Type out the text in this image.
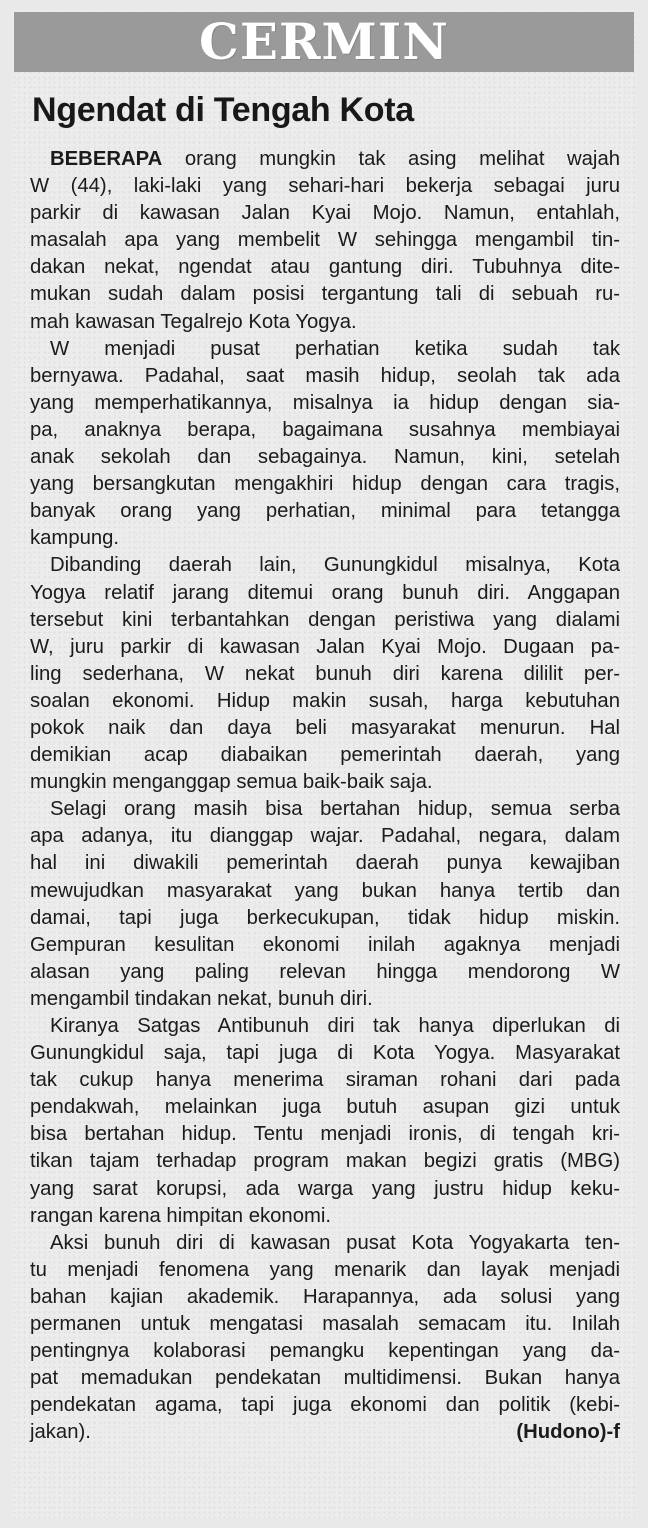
CERMIN
Ngendat di Tengah Kota
BEBERAPA orang mungkin tak asing melihat wajah
W (44), laki-laki yang sehari-hari bekerja sebagai juru
parkir di kawasan Jalan Kyai Mojo. Namun, entahlah,
masalah apa yang membelit W sehingga mengambil tin-
dakan nekat, ngendat atau gantung diri. Tubuhnya dite-
mukan sudah dalam posisi tergantung tali di sebuah ru-
mah kawasan Tegalrejo Kota Yogya.
W menjadi pusat perhatian ketika sudah tak
bernyawa. Padahal, saat masih hidup, seolah tak ada
yang memperhatikannya, misalnya ia hidup dengan sia-
pa, anaknya berapa, bagaimana susahnya membiayai
anak sekolah dan sebagainya. Namun, kini, setelah
yang bersangkutan mengakhiri hidup dengan cara tragis,
banyak orang yang perhatian, minimal para tetangga
kampung.
Dibanding daerah lain, Gunungkidul misalnya, Kota
Yogya relatif jarang ditemui orang bunuh diri. Anggapan
tersebut kini terbantahkan dengan peristiwa yang dialami
W, juru parkir di kawasan Jalan Kyai Mojo. Dugaan pa-
ling sederhana, W nekat bunuh diri karena dililit per-
soalan ekonomi. Hidup makin susah, harga kebutuhan
pokok naik dan daya beli masyarakat menurun. Hal
demikian acap diabaikan pemerintah daerah, yang
mungkin menganggap semua baik-baik saja.
Selagi orang masih bisa bertahan hidup, semua serba
apa adanya, itu dianggap wajar. Padahal, negara, dalam
hal ini diwakili pemerintah daerah punya kewajiban
mewujudkan masyarakat yang bukan hanya tertib dan
damai, tapi juga berkecukupan, tidak hidup miskin.
Gempuran kesulitan ekonomi inilah agaknya menjadi
alasan yang paling relevan hingga mendorong W
mengambil tindakan nekat, bunuh diri.
Kiranya Satgas Antibunuh diri tak hanya diperlukan di
Gunungkidul saja, tapi juga di Kota Yogya. Masyarakat
tak cukup hanya menerima siraman rohani dari pada
pendakwah, melainkan juga butuh asupan gizi untuk
bisa bertahan hidup. Tentu menjadi ironis, di tengah kri-
tikan tajam terhadap program makan begizi gratis (MBG)
yang sarat korupsi, ada warga yang justru hidup keku-
rangan karena himpitan ekonomi.
Aksi bunuh diri di kawasan pusat Kota Yogyakarta ten-
tu menjadi fenomena yang menarik dan layak menjadi
bahan kajian akademik. Harapannya, ada solusi yang
permanen untuk mengatasi masalah semacam itu. Inilah
pentingnya kolaborasi pemangku kepentingan yang da-
pat memadukan pendekatan multidimensi. Bukan hanya
pendekatan agama, tapi juga ekonomi dan politik (kebi-
jakan).	(Hudono)-f
